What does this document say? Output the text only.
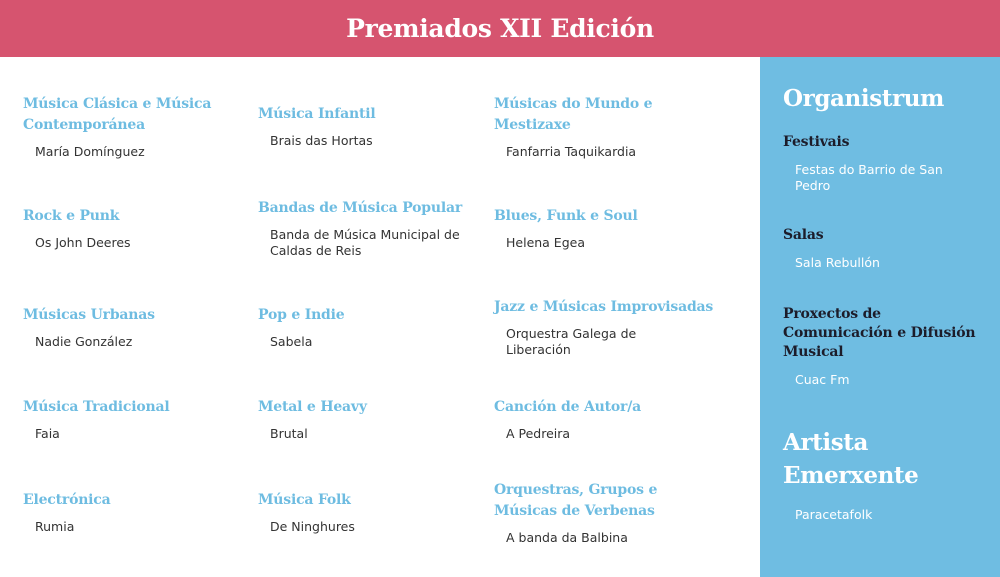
Premiados XII Edición

Música Clásica e Música Contemporánea

María Domínguez

Música Infantil

Brais das Hortas

Músicas do Mundo e Mestizaxe

Fanfarria Taquikardia

Rock e Punk

Os John Deeres

Bandas de Música Popular

Banda de Música Municipal de Caldas de Reis

Blues, Funk e Soul

Helena Egea

Músicas Urbanas

Nadie González

Pop e Indie

Sabela

Jazz e Músicas Improvisadas

Orquestra Galega de Liberación

Música Tradicional

Faia

Metal e Heavy

Brutal

Canción de Autor/a

A Pedreira

Electrónica

Rumia

Música Folk

De Ninghures

Orquestras, Grupos e Músicas de Verbenas

A banda da Balbina

Organistrum

Festivais

Festas do Barrio de San Pedro

Salas

Sala Rebullón

Proxectos de Comunicación e Difusión Musical

Cuac Fm

Artista Emerxente

Paracetafolk
